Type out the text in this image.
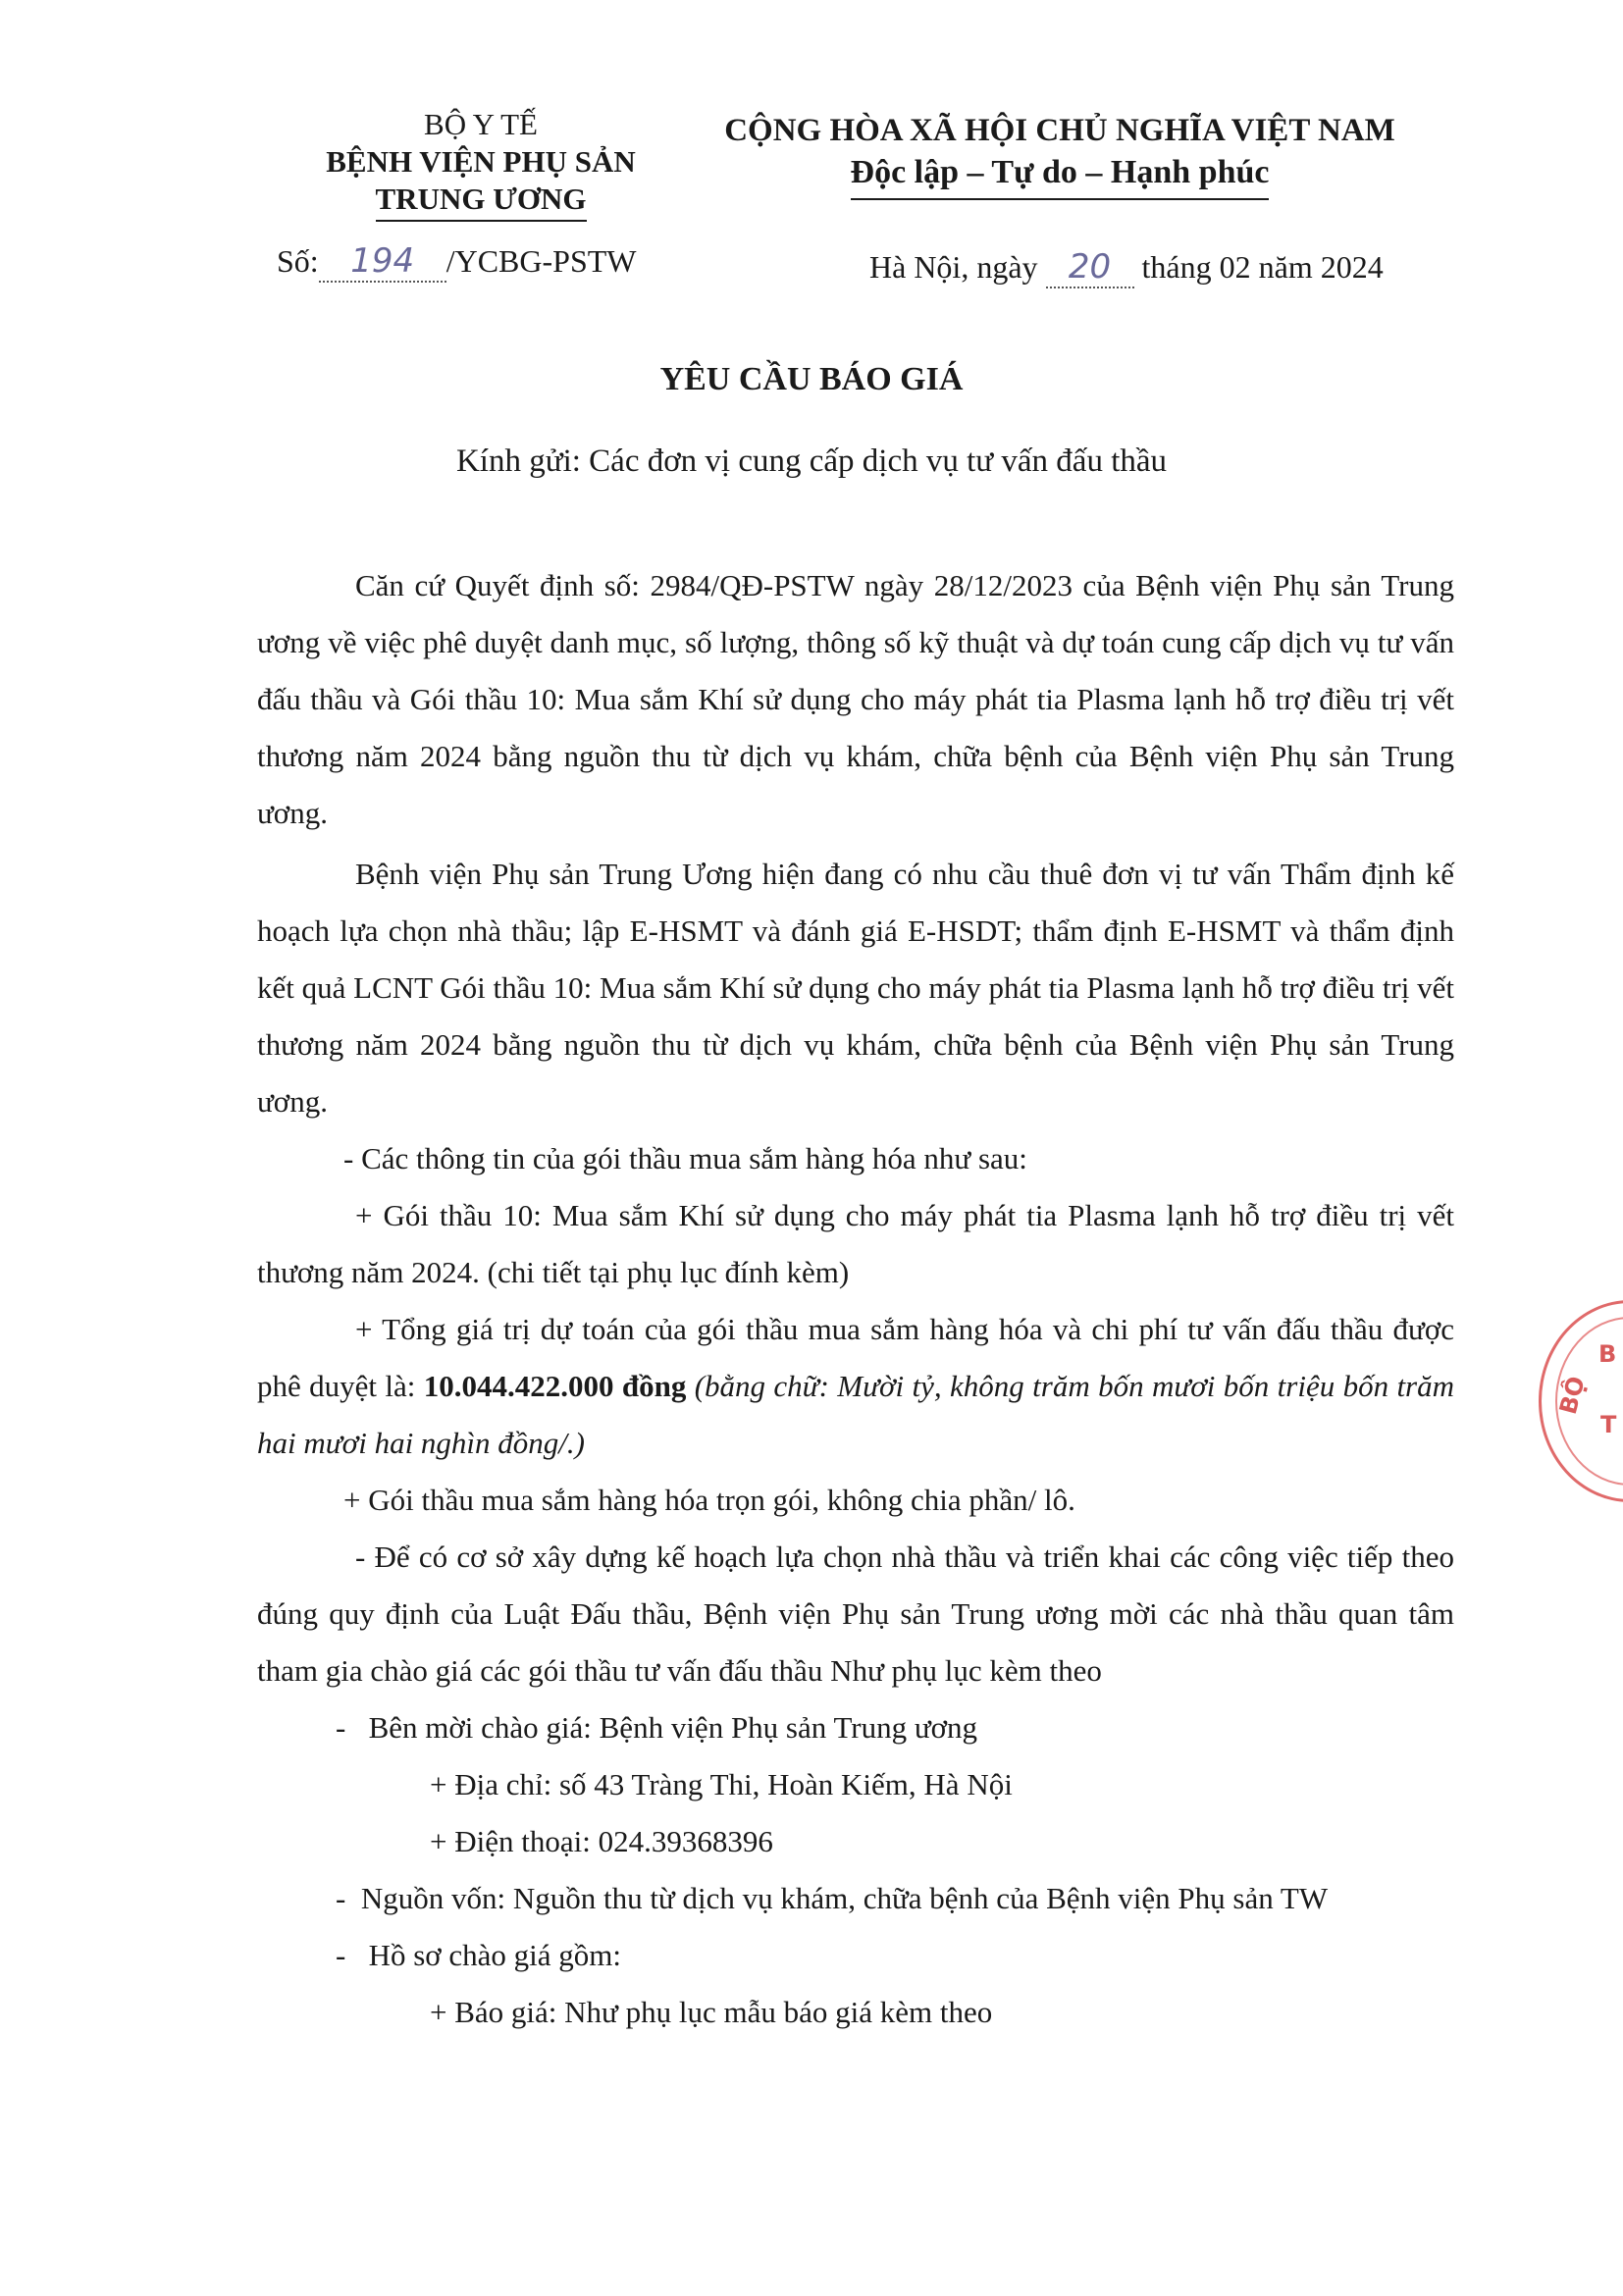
BỘ Y TẾ
BỆNH VIỆN PHỤ SẢN
TRUNG ƯƠNG
Số: 194 /YCBG-PSTW
CỘNG HÒA XÃ HỘI CHỦ NGHĨA VIỆT NAM
Độc lập – Tự do – Hạnh phúc
Hà Nội, ngày 20 tháng 02 năm 2024
YÊU CẦU BÁO GIÁ
Kính gửi: Các đơn vị cung cấp dịch vụ tư vấn đấu thầu

Căn cứ Quyết định số: 2984/QĐ-PSTW ngày 28/12/2023 của Bệnh viện Phụ sản Trung ương về việc phê duyệt danh mục, số lượng, thông số kỹ thuật và dự toán cung cấp dịch vụ tư vấn đấu thầu và Gói thầu 10: Mua sắm Khí sử dụng cho máy phát tia Plasma lạnh hỗ trợ điều trị vết thương năm 2024 bằng nguồn thu từ dịch vụ khám, chữa bệnh của Bệnh viện Phụ sản Trung ương.

Bệnh viện Phụ sản Trung Ương hiện đang có nhu cầu thuê đơn vị tư vấn Thẩm định kế hoạch lựa chọn nhà thầu; lập E-HSMT và đánh giá E-HSDT; thẩm định E-HSMT và thẩm định kết quả LCNT Gói thầu 10: Mua sắm Khí sử dụng cho máy phát tia Plasma lạnh hỗ trợ điều trị vết thương năm 2024 bằng nguồn thu từ dịch vụ khám, chữa bệnh của Bệnh viện Phụ sản Trung ương.

- Các thông tin của gói thầu mua sắm hàng hóa như sau:

+ Gói thầu 10: Mua sắm Khí sử dụng cho máy phát tia Plasma lạnh hỗ trợ điều trị vết thương năm 2024. (chi tiết tại phụ lục đính kèm)

+ Tổng giá trị dự toán của gói thầu mua sắm hàng hóa và chi phí tư vấn đấu thầu được phê duyệt là: 10.044.422.000 đồng (bằng chữ: Mười tỷ, không trăm bốn mươi bốn triệu bốn trăm hai mươi hai nghìn đồng/.)

+ Gói thầu mua sắm hàng hóa trọn gói, không chia phần/ lô.

- Để có cơ sở xây dựng kế hoạch lựa chọn nhà thầu và triển khai các công việc tiếp theo đúng quy định của Luật Đấu thầu, Bệnh viện Phụ sản Trung ương mời các nhà thầu quan tâm tham gia chào giá các gói thầu tư vấn đấu thầu Như phụ lục kèm theo

-   Bên mời chào giá: Bệnh viện Phụ sản Trung ương

+ Địa chỉ: số 43 Tràng Thi, Hoàn Kiếm, Hà Nội

+ Điện thoại: 024.39368396

-  Nguồn vốn: Nguồn thu từ dịch vụ khám, chữa bệnh của Bệnh viện Phụ sản TW

-   Hồ sơ chào giá gồm:

+ Báo giá: Như phụ lục mẫu báo giá kèm theo

BỘ
B
T
